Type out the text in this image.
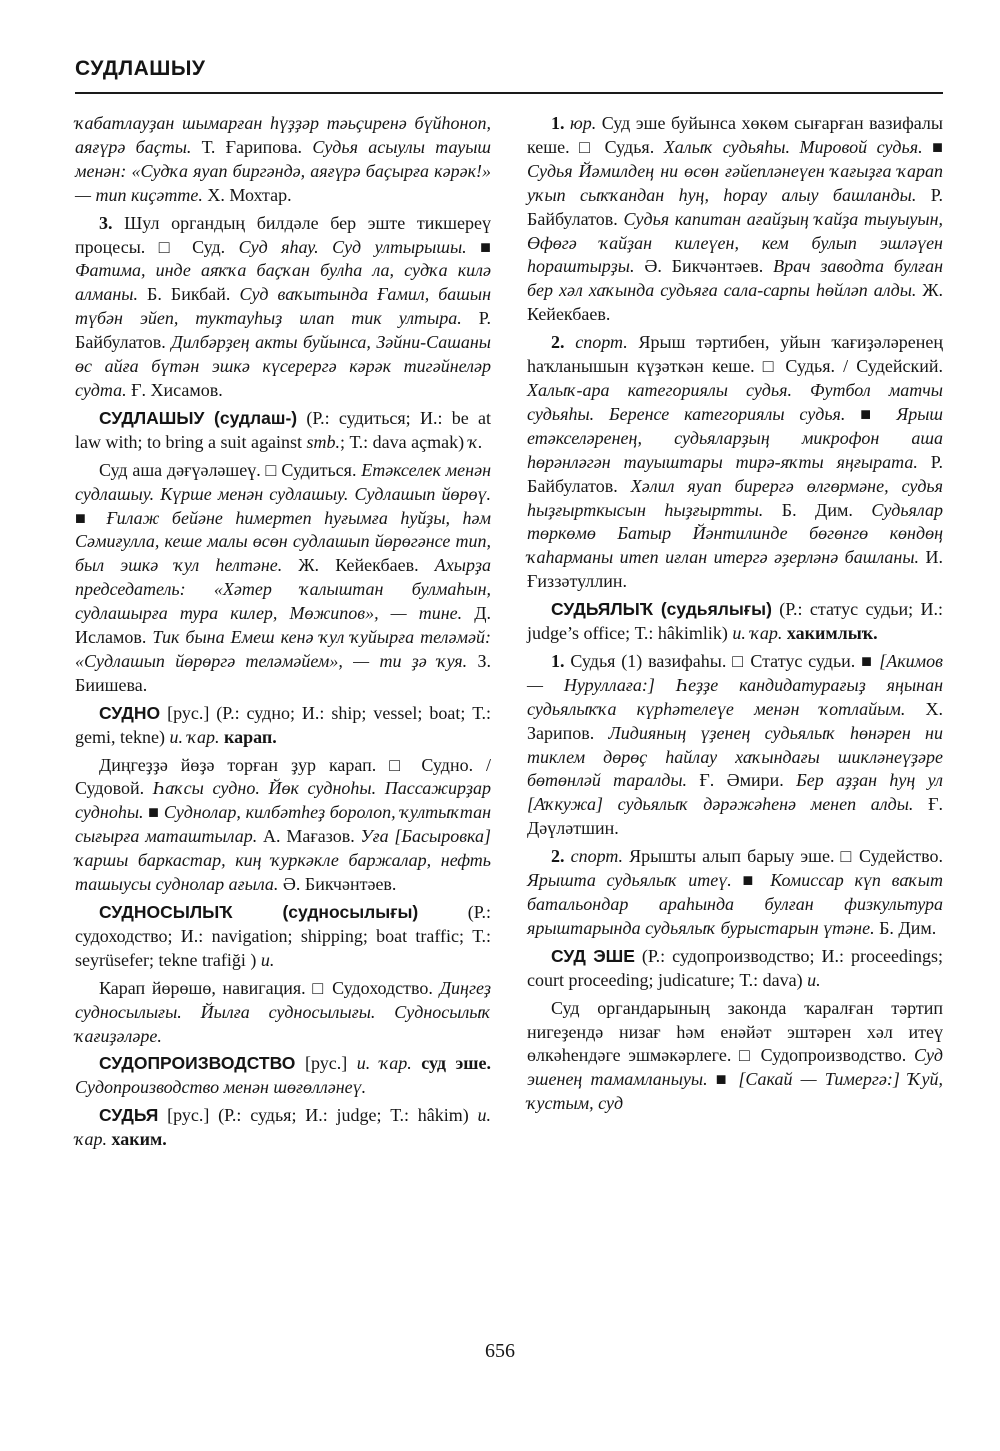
СУДЛАШЫУ

ҡабатлауҙан шымарған һүҙҙәр тәьҫиренә бүйһоноп, аяғүрә баҫты. Т. Ғарипова. Судья асыулы тауыш менән: «Судҡа яуап биргәндә, аяғүрә баҫырға кәрәк!» — тип киҫәтте. Х. Мохтар.

3. Шул органдың билдәле бер эште тикшереү процесы. □ Суд. Суд яһау. Суд ултырышы. ■ Фатима, инде аяҡҡа баҫҡан булһа ла, судҡа килә алманы. Б. Бикбай. Суд ваҡытында Ғамил, башын түбән эйеп, туктауһыҙ илап тик ултыра. Р. Байбулатов. Дилбәрҙең акты буйынса, Зәйни-Сашаны өс айға бүтән эшкә күсерергә кәрәк тигәйнеләр судта. Ғ. Хисамов.

СУДЛАШЫУ (судлаш-) (Р.: судиться; И.: be at law with; to bring a suit against smb.; Т.: dava açmak) ҡ.

Суд аша дәғүәләшеү. □ Судиться. Етәкселек менән судлашыу. Күрше менән судлашыу. Судлашып йөрөү. ■ Ғилаж бейәне һимертеп һуғымға һуйҙы, һәм Сәмиғулла, кеше малы өсөн судлашып йөрөгәнсе тип, был эшкә ҡул һелтәне. Ж. Кейекбаев. Ахырҙа председатель: «Хәтер ҡалыштан булмаһын, судлашырға тура килер, Мөжипов», — тине. Д. Исламов. Тик бына Емеш кенә ҡул ҡуйырға теләмәй: «Судлашып йөрөргә теләмәйем», — ти ҙә ҡуя. З. Биишева.

СУДНО [рус.] (Р.: судно; И.: ship; vessel; boat; Т.: gemi, tekne) и. ҡар. карап.

Диңгеҙҙә йөҙә торған ҙур карап. □ Судно. / Судовой. Һаҡсы судно. Йөк судноһы. Пассажирҙар судноһы. ■ Суднолар, килбәтһеҙ боролоп, ҡултыҡтан сығырға маташтылар. А. Мағазов. Уға [Басыровка] ҡаршы баркастар, киң ҡуркәкле баржалар, нефть ташыусы суднолар ағыла. Ә. Бикчәнтәев.

СУДНОСЫЛЫҠ (судносылығы) (Р.: судоходство; И.: navigation; shipping; boat traffic; Т.: seyrüsefer; tekne trafiği ) и.

Карап йөрөшө, навигация. □ Судоходство. Диңгеҙ судносылығы. Йылға судносылығы. Судносылыҡ ҡағиҙәләре.

СУДОПРОИЗВОДСТВО [рус.] и. ҡар. суд эше. Судопроизводство менән шөғөлләнеү.

СУДЬЯ [рус.] (Р.: судья; И.: judge; Т.: hâkim) и. ҡар. хаким.

1. юр. Суд эше буйынса хөкөм сығарған вазифалы кеше. □ Судья. Халыҡ судьяһы. Мировой судья. ■ Судья Йәмилдең ни өсөн ғәйепләнеүен ҡағыҙға ҡарап уҡып сыҡҡандан һуң, һорау алыу башланды. Р. Байбулатов. Судья капитан ағайҙың ҡайҙа тыуыуын, Өфөгә ҡайҙан килеүен, кем булып эшләүен һораштырҙы. Ә. Бикчәнтәев. Врач заводта булған бер хәл хаҡында судьяға сала-сарпы һөйләп алды. Ж. Кейекбаев.

2. спорт. Ярыш тәртибен, уйын ҡағиҙәләренең һаҡланышын күҙәткән кеше. □ Судья. / Судейский. Халыҡ-ара категориялы судья. Футбол матчы судьяһы. Беренсе категориялы судья. ■ Ярыш етәкселәренең, судьяларҙың микрофон аша һөрәнләгән тауыштары тирә-яҡты яңғырата. Р. Байбулатов. Хәлил яуап бирергә өлгөрмәне, судья һыҙғырткысын һыҙғыртты. Б. Дим. Судьялар төркөмө Батыр Йәнтилинде бөгөнгө көндөң ҡаһарманы итеп иғлан итергә әҙерләнә башланы. И. Ғиззәтуллин.

СУДЬЯЛЫҠ (судьялығы) (Р.: статус судьи; И.: judge’s office; Т.: hâkimlik) и. ҡар. хакимлыҡ.

1. Судья (1) вазифаһы. □ Статус судьи. ■ [Акимов — Нуруллаға:] Һеҙҙе кандидатурағыҙ яңынан судьялыҡҡа күрһәтелеүе менән ҡотлайым. Х. Зарипов. Лидияның үҙенең судьялыҡ һөнәрен ни тиклем дөрөҫ һайлау хаҡындағы шикләнеүҙәре бөтөнләй таралды. Ғ. Әмири. Бер аҙҙан һуң ул [Аҡкужа] судьялыҡ дәрәжәһенә менеп алды. Ғ. Дәүләтшин.

2. спорт. Ярышты алып барыу эше. □ Судейство. Ярышта судьялыҡ итеү. ■ Комиссар күп ваҡыт батальондар араһында булған физкультура ярыштарында судьялыҡ бурыстарын үтәне. Б. Дим.

СУД ЭШЕ (Р.: судопроизводство; И.: proceedings; court proceeding; judicature; Т.: dava) и.

Суд органдарының законда ҡаралған тәртип нигеҙендә низағ һәм енәйәт эштәрен хәл итеү өлкәһендәге эшмәкәрлеге. □ Судопроизводство. Суд эшенең тамамланыуы. ■ [Сакай — Тимергә:] Ҡуй, ҡустым, суд

656
